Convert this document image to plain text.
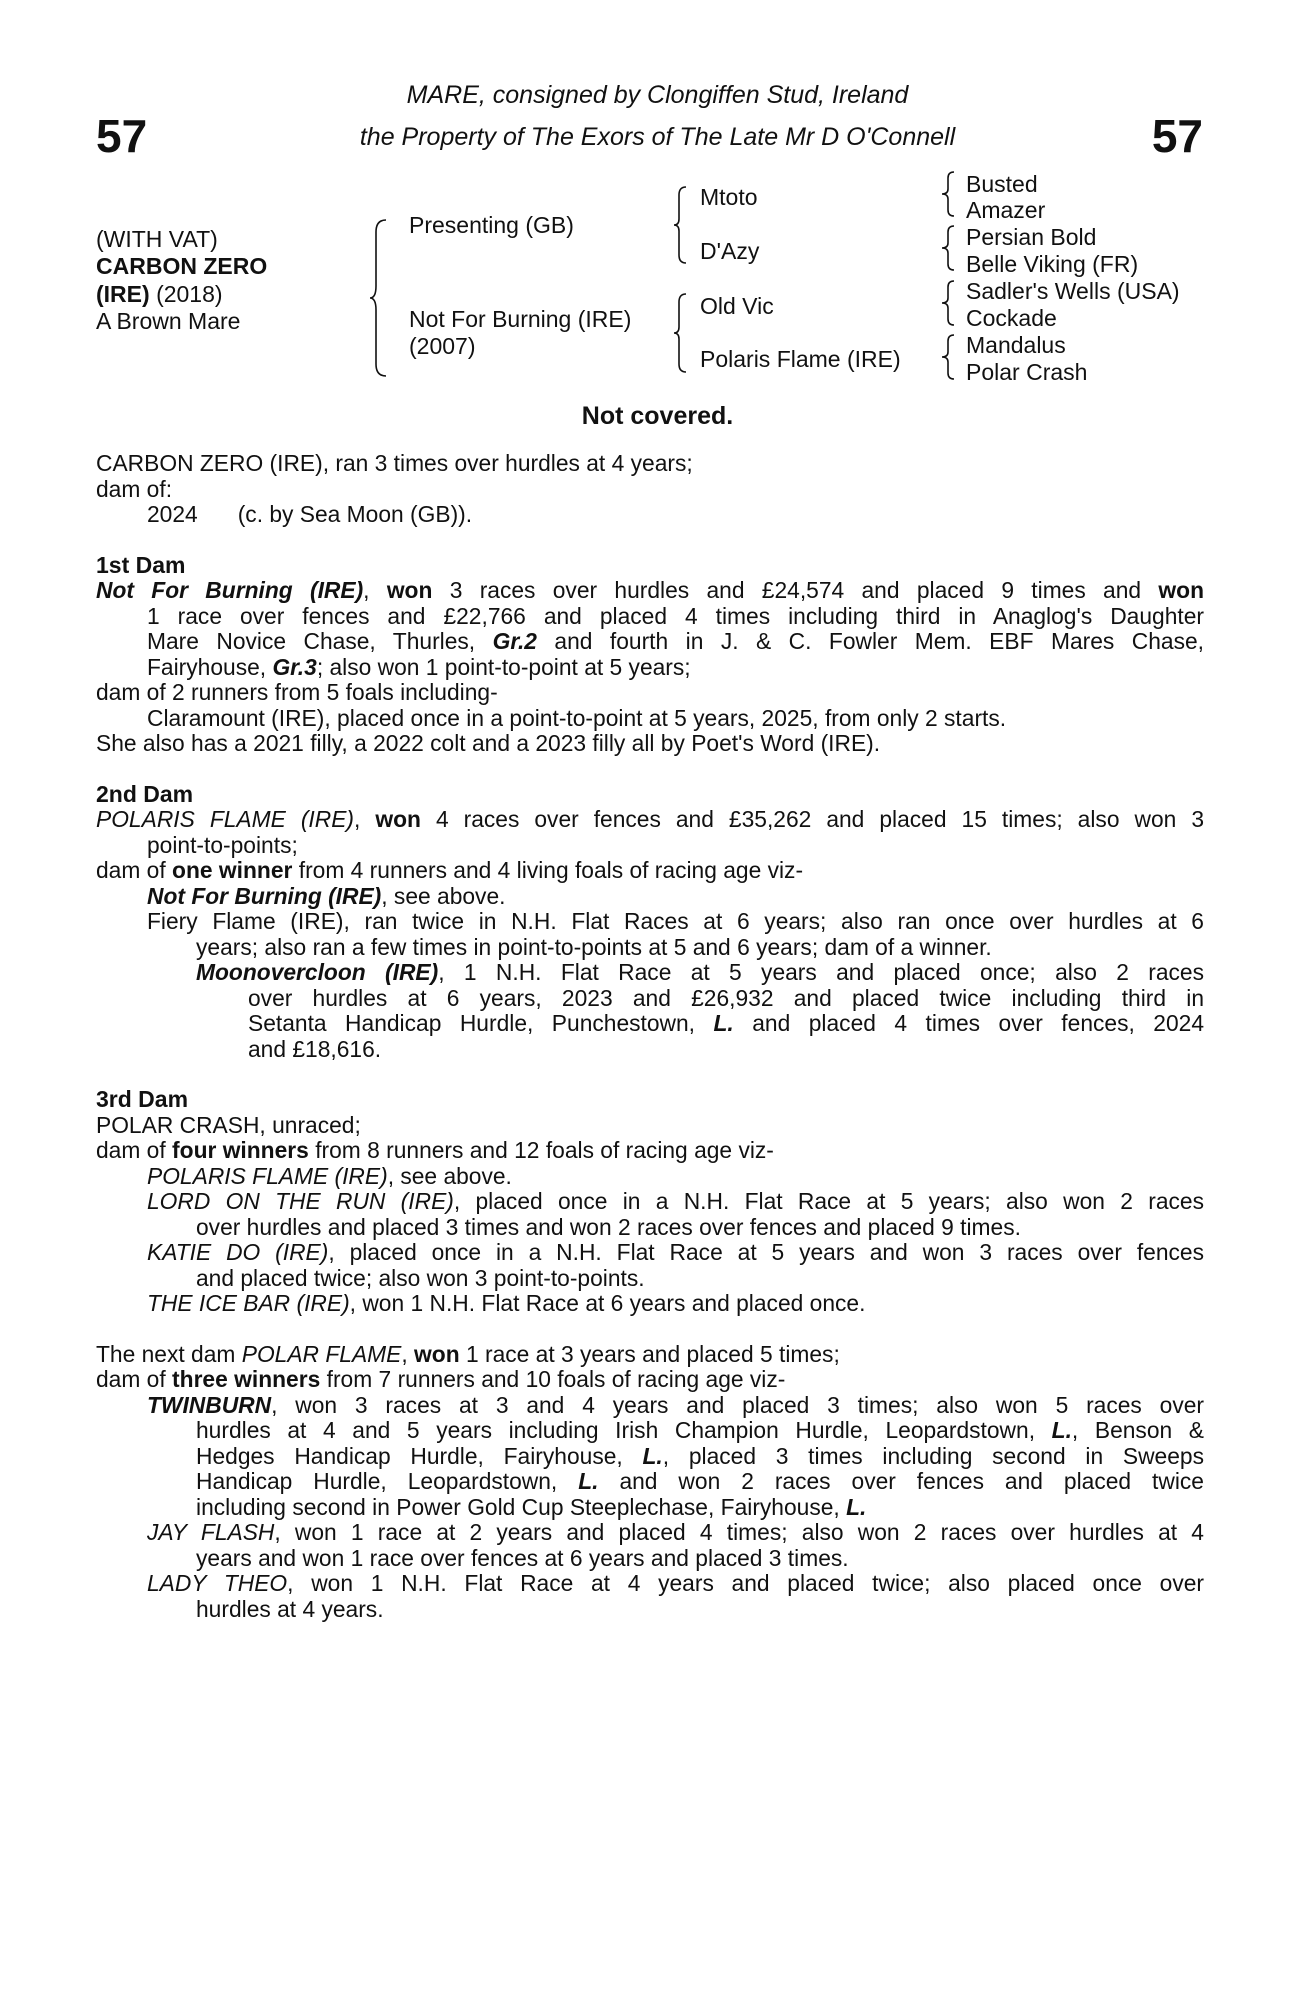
57	57
MARE, consigned by Clongiffen Stud, Ireland
the Property of The Exors of The Late Mr D O'Connell
(WITH VAT)
CARBON ZERO
(IRE) (2018)
A Brown Mare
Presenting (GB)
Not For Burning (IRE)
(2007)
Mtoto
D'Azy
Old Vic
Polaris Flame (IRE)
Busted
Amazer
Persian Bold
Belle Viking (FR)
Sadler's Wells (USA)
Cockade
Mandalus
Polar Crash
Not covered.
CARBON ZERO (IRE), ran 3 times over hurdles at 4 years;
dam of:
2024 (c. by Sea Moon (GB)).
1st Dam
Not For Burning (IRE), won 3 races over hurdles and £24,574 and placed 9 times and won
1 race over fences and £22,766 and placed 4 times including third in Anaglog's Daughter
Mare Novice Chase, Thurles, Gr.2 and fourth in J. & C. Fowler Mem. EBF Mares Chase,
Fairyhouse, Gr.3; also won 1 point-to-point at 5 years;
dam of 2 runners from 5 foals including-
Claramount (IRE), placed once in a point-to-point at 5 years, 2025, from only 2 starts.
She also has a 2021 filly, a 2022 colt and a 2023 filly all by Poet's Word (IRE).
2nd Dam
POLARIS FLAME (IRE), won 4 races over fences and £35,262 and placed 15 times; also won 3
point-to-points;
dam of one winner from 4 runners and 4 living foals of racing age viz-
Not For Burning (IRE), see above.
Fiery Flame (IRE), ran twice in N.H. Flat Races at 6 years; also ran once over hurdles at 6
years; also ran a few times in point-to-points at 5 and 6 years; dam of a winner.
Moonovercloon (IRE), 1 N.H. Flat Race at 5 years and placed once; also 2 races
over hurdles at 6 years, 2023 and £26,932 and placed twice including third in
Setanta Handicap Hurdle, Punchestown, L. and placed 4 times over fences, 2024
and £18,616.
3rd Dam
POLAR CRASH, unraced;
dam of four winners from 8 runners and 12 foals of racing age viz-
POLARIS FLAME (IRE), see above.
LORD ON THE RUN (IRE), placed once in a N.H. Flat Race at 5 years; also won 2 races
over hurdles and placed 3 times and won 2 races over fences and placed 9 times.
KATIE DO (IRE), placed once in a N.H. Flat Race at 5 years and won 3 races over fences
and placed twice; also won 3 point-to-points.
THE ICE BAR (IRE), won 1 N.H. Flat Race at 6 years and placed once.
The next dam POLAR FLAME, won 1 race at 3 years and placed 5 times;
dam of three winners from 7 runners and 10 foals of racing age viz-
TWINBURN, won 3 races at 3 and 4 years and placed 3 times; also won 5 races over
hurdles at 4 and 5 years including Irish Champion Hurdle, Leopardstown, L., Benson &
Hedges Handicap Hurdle, Fairyhouse, L., placed 3 times including second in Sweeps
Handicap Hurdle, Leopardstown, L. and won 2 races over fences and placed twice
including second in Power Gold Cup Steeplechase, Fairyhouse, L.
JAY FLASH, won 1 race at 2 years and placed 4 times; also won 2 races over hurdles at 4
years and won 1 race over fences at 6 years and placed 3 times.
LADY THEO, won 1 N.H. Flat Race at 4 years and placed twice; also placed once over
hurdles at 4 years.
